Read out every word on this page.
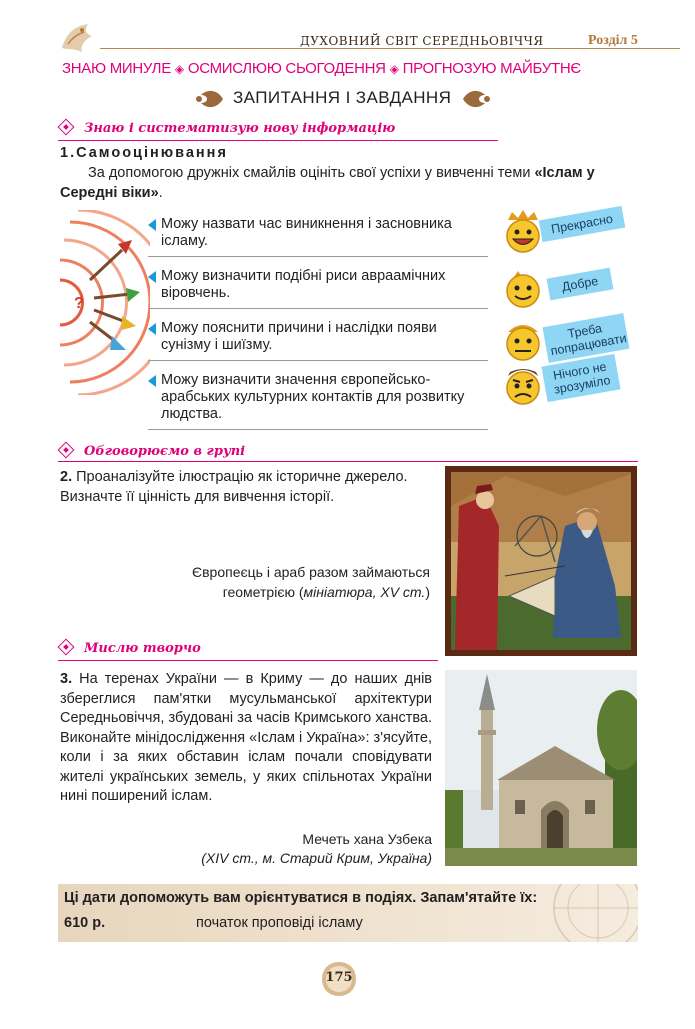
ДУХОВНИЙ СВІТ СЕРЕДНЬОВІЧЧЯ	Розділ 5
ЗНАЮ МИНУЛЕ ◈ ОСМИСЛЮЮ СЬОГОДЕННЯ ◈ ПРОГНОЗУЮ МАЙБУТНЄ
ЗАПИТАННЯ І ЗАВДАННЯ
Знаю і систематизую нову інформацію
1.Самооцінювання
За допомогою дружніх смайлів оцініть свої успіхи у вивченні теми «Іслам у Середні віки».
?
Можу назвати час виникнення і засновника ісламу.
Можу визначити подібні риси авраамічних віровчень.
Можу пояснити причини і наслідки появи сунізму і шиїзму.
Можу визначити значення європейсько-арабських культурних контактів для розвитку людства.
Прекрасно
Добре
Треба попрацювати
Нічого не зрозуміло
Обговорюємо в групі
2. Проаналізуйте ілюстрацію як історичне джерело. Визначте її цінність для вивчення історії.
Європеєць і араб разом займаються геометрією (мініатюра, XV ст.)
Мислю творчо
3. На теренах України — в Криму — до наших днів збереглися пам'ятки мусульманської архітектури Середньовіччя, збудовані за часів Кримського ханства. Виконайте мінідослідження «Іслам і Україна»: з'ясуйте, коли і за яких обставин іслам почали сповідувати жителі українських земель, у яких спільнотах України нині поширений іслам.
Мечеть хана Узбека
(XIV ст., м. Старий Крим, Україна)
Ці дати допоможуть вам орієнтуватися в подіях. Запам'ятайте їх:
610 р.	початок проповіді ісламу
175
